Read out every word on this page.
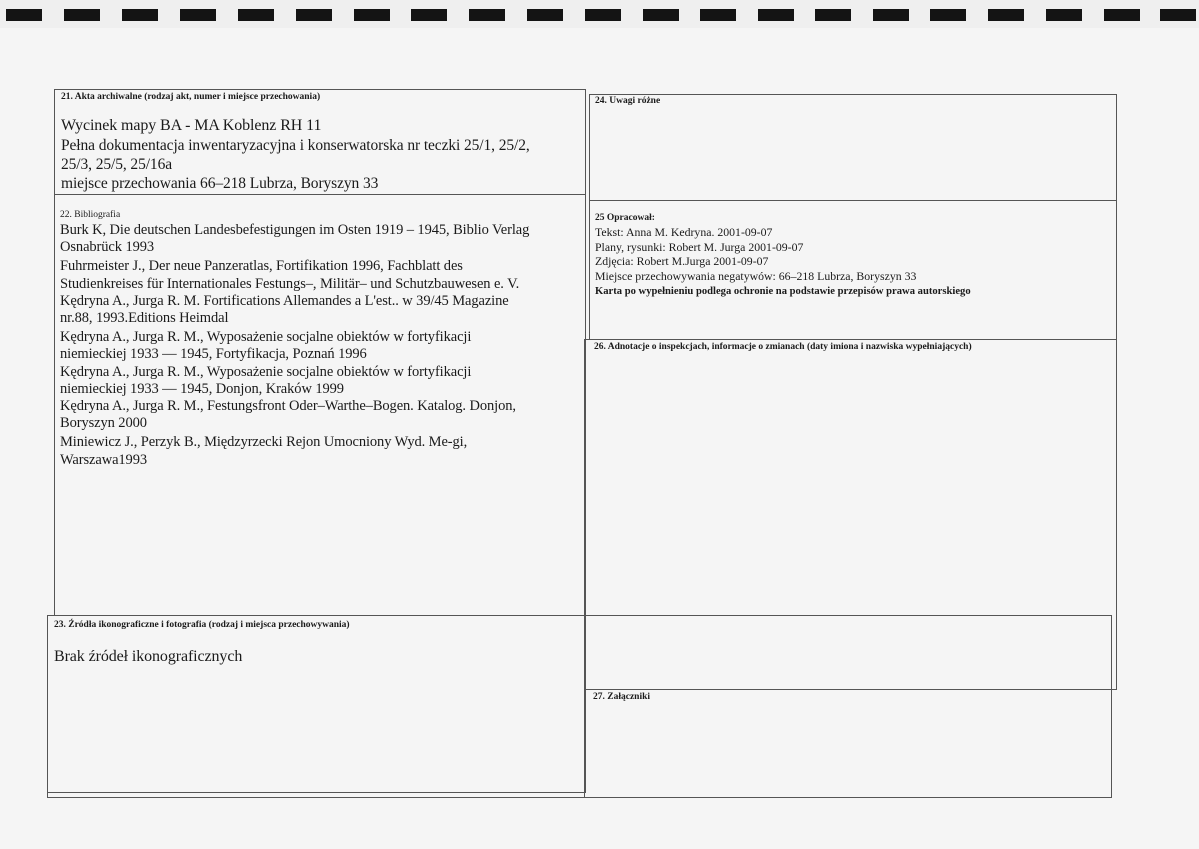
21. Akta archiwalne (rodzaj akt, numer i miejsce przechowania)
Wycinek mapy BA - MA Koblenz RH 11
Pełna dokumentacja inwentaryzacyjna i konserwatorska nr teczki 25/1, 25/2,
25/3, 25/5, 25/16a
miejsce przechowania 66–218 Lubrza, Boryszyn 33
22. Bibliografia
Burk K, Die deutschen Landesbefestigungen im Osten 1919 – 1945, Biblio Verlag
Osnabrück 1993
Fuhrmeister J., Der neue Panzeratlas, Fortifikation 1996, Fachblatt des
Studienkreises für Internationales Festungs–, Militär– und Schutzbauwesen e. V.
Kędryna A., Jurga R. M. Fortifications Allemandes a L'est.. w 39/45 Magazine
nr.88, 1993.Editions Heimdal
Kędryna A., Jurga R. M., Wyposażenie socjalne obiektów w fortyfikacji
niemieckiej 1933 — 1945, Fortyfikacja, Poznań 1996
Kędryna A., Jurga R. M., Wyposażenie socjalne obiektów w fortyfikacji
niemieckiej 1933 — 1945, Donjon, Kraków 1999
Kędryna A., Jurga R. M., Festungsfront Oder–Warthe–Bogen. Katalog. Donjon,
Boryszyn 2000
Miniewicz J., Perzyk B., Międzyrzecki Rejon Umocniony Wyd. Me-gi,
Warszawa1993
23. Źródła ikonograficzne i fotografia (rodzaj i miejsca przechowywania)
Brak źródeł ikonograficznych
24. Uwagi różne
25 Opracował:
Tekst: Anna M. Kedryna. 2001-09-07
Plany, rysunki: Robert M. Jurga 2001-09-07
Zdjęcia: Robert M.Jurga 2001-09-07
Miejsce przechowywania negatywów: 66–218 Lubrza, Boryszyn 33
Karta po wypełnieniu podlega ochronie na podstawie przepisów prawa autorskiego
26. Adnotacje o inspekcjach, informacje o zmianach (daty imiona i nazwiska wypełniających)
27. Załączniki
